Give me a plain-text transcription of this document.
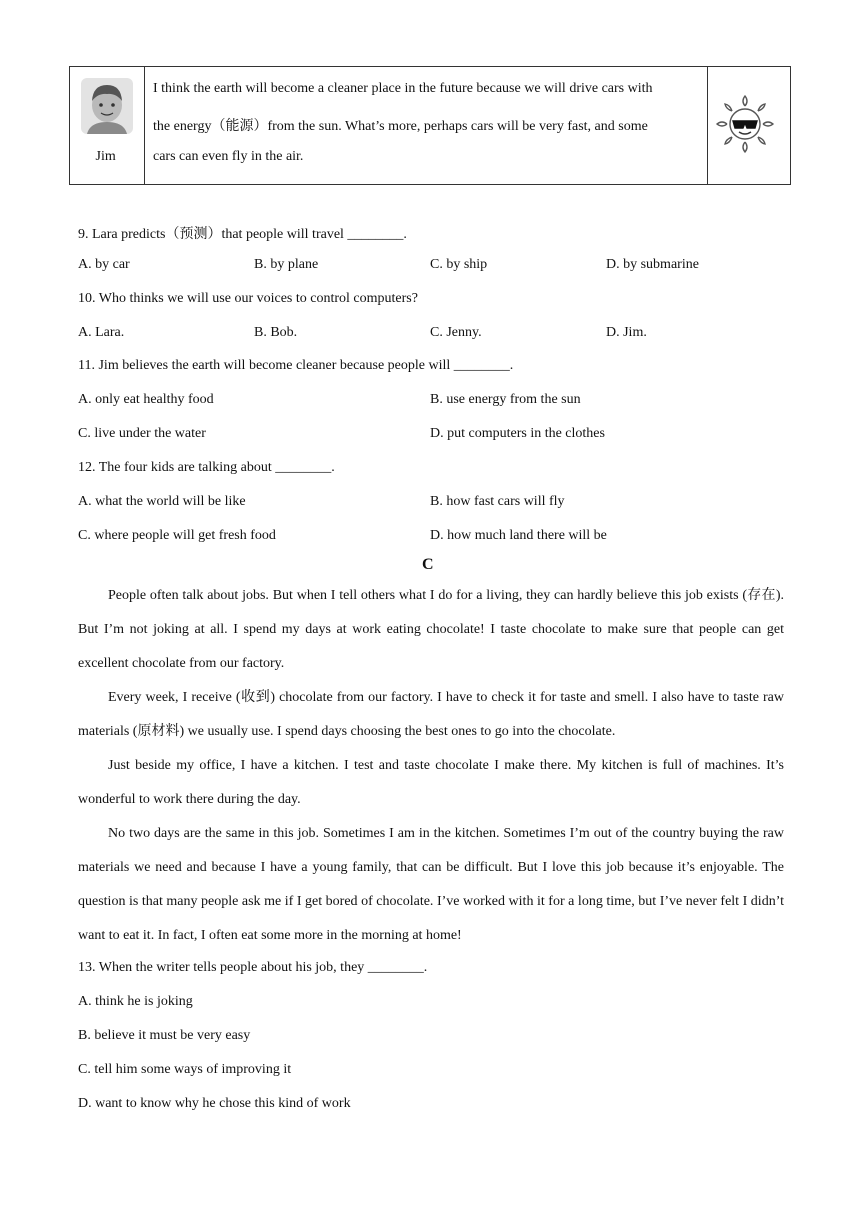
Jim

I think the earth will become a cleaner place in the future because we will drive cars with
the energy（能源）from the sun. What’s more, perhaps cars will be very fast, and some
cars can even fly in the air.

9. Lara predicts（预测）that people will travel ________.
A. by car	B. by plane	C. by ship	D. by submarine
10. Who thinks we will use our voices to control computers?
A. Lara.	B. Bob.	C. Jenny.	D. Jim.
11. Jim believes the earth will become cleaner because people will ________.
A. only eat healthy food	B. use energy from the sun
C. live under the water	D. put computers in the clothes
12. The four kids are talking about ________.
A. what the world will be like	B. how fast cars will fly
C. where people will get fresh food	D. how much land there will be
C

People often talk about jobs. But when I tell others what I do for a living, they can hardly believe this job exists (存在). But I’m not joking at all. I spend my days at work eating chocolate! I taste chocolate to make sure that people can get excellent chocolate from our factory.

Every week, I receive (收到) chocolate from our factory. I have to check it for taste and smell. I also have to taste raw materials (原材料) we usually use. I spend days choosing the best ones to go into the chocolate.

Just beside my office, I have a kitchen. I test and taste chocolate I make there. My kitchen is full of machines. It’s wonderful to work there during the day.

No two days are the same in this job. Sometimes I am in the kitchen. Sometimes I’m out of the country buying the raw materials we need and because I have a young family, that can be difficult. But I love this job because it’s enjoyable. The question is that many people ask me if I get bored of chocolate. I’ve worked with it for a long time, but I’ve never felt I didn’t want to eat it. In fact, I often eat some more in the morning at home!

13. When the writer tells people about his job, they ________.
A. think he is joking
B. believe it must be very easy
C. tell him some ways of improving it
D. want to know why he chose this kind of work
